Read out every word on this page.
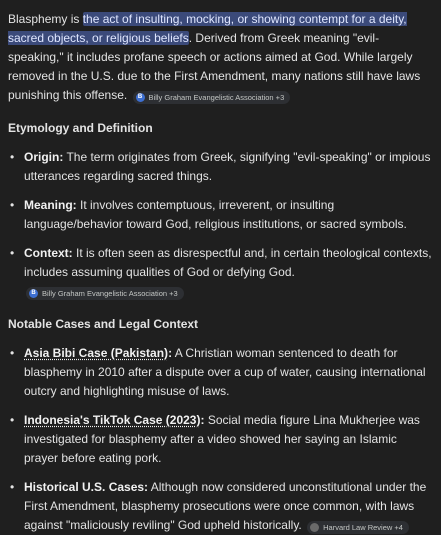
Blasphemy is the act of insulting, mocking, or showing contempt for a deity, sacred objects, or religious beliefs. Derived from Greek meaning "evil-speaking," it includes profane speech or actions aimed at God. While largely removed in the U.S. due to the First Amendment, many nations still have laws punishing this offense.	B Billy Graham Evangelistic Association +3

Etymology and Definition
• Origin: The term originates from Greek, signifying "evil-speaking" or impious utterances regarding sacred things.
• Meaning: It involves contemptuous, irreverent, or insulting language/behavior toward God, religious institutions, or sacred symbols.
• Context: It is often seen as disrespectful and, in certain theological contexts, includes assuming qualities of God or defying God.
B Billy Graham Evangelistic Association +3
Notable Cases and Legal Context
• Asia Bibi Case (Pakistan): A Christian woman sentenced to death for blasphemy in 2010 after a dispute over a cup of water, causing international outcry and highlighting misuse of laws.
• Indonesia's TikTok Case (2023): Social media figure Lina Mukherjee was investigated for blasphemy after a video showed her saying an Islamic prayer before eating pork.
• Historical U.S. Cases: Although now considered unconstitutional under the First Amendment, blasphemy prosecutions were once common, with laws against "maliciously reviling" God upheld historically.	.	Harvard Law Review +4
